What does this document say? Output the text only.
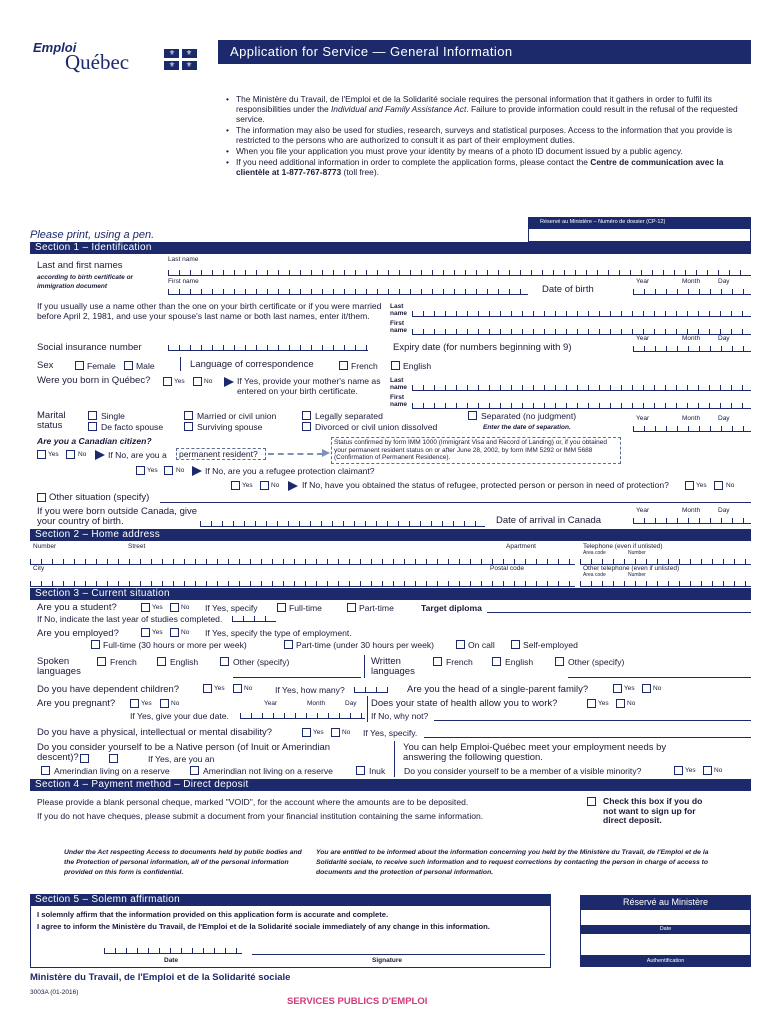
Emploi
Québec	⚜	⚜
⚜	⚜
Application for Service — General Information
• The Ministère du Travail, de l'Emploi et de la Solidarité sociale requires the personal information that it gathers in order to fulfil its responsibilities under the Individual and Family Assistance Act. Failure to provide information could result in the refusal of the requested service.
• The information may also be used for studies, research, surveys and statistical purposes. Access to the information that you provide is restricted to the persons who are authorized to consult it as part of their employment duties.
• When you file your application you must prove your identity by means of a photo ID document issued by a public agency.
• If you need additional information in order to complete the application forms, please contact the Centre de communication avec la clientèle at 1-877-767-8773 (toll free).
Réservé au Ministère – Numéro de dossier (CP-12)
Please print, using a pen.
Section 1 – Identification
Last and first names
according to birth certificate or immigration document
Last name
First name
Date of birth
Year	Month	Day
If you usually use a name other than the one on your birth certificate or if you were married before April 2, 1981, and use your spouse's last name or both last names, enter it/them.
Last
name
First
name
Social insurance number	Expiry date (for numbers beginning with 9)
Year	Month	Day
Sex	Female Male	Language of correspondence	French	English
Were you born in Québec?	Yes	No	If Yes, provide your mother's name as entered on your birth certificate.
Last
name
First
name
Marital status
Single
De facto spouse
Married or civil union
Surviving spouse
Legally separated
Divorced or civil union dissolved
Separated (no judgment)
Enter the date of separation.
Year	Month	Day
Are you a Canadian citizen?
Yes	No	If No, are you a permanent resident?
Status confirmed by form IMM 1000 (Immigrant Visa and Record of Landing) or, if you obtained your permanent resident status on or after June 28, 2002, by form IMM 5292 or IMM 5688 (Confirmation of Permanent Residence).
Yes	No If No, are you a refugee protection claimant?
Yes	No	If No, have you obtained the status of refugee, protected person or person in need of protection?	Yes	No
Other situation (specify)
If you were born outside Canada, give your country of birth.	Date of arrival in Canada
Year	Month	Day
Section 2 – Home address
Number	Street	Apartment	Telephone (even if unlisted)
Area code	Number
City	Postal code	Other telephone (even if unlisted)
Area code	Number
Section 3 – Current situation
Are you a student?	Yes	No If Yes, specify	Full-time	Part-time	Target diploma
If No, indicate the last year of studies completed.
Are you employed?	Yes	No If Yes, specify the type of employment.
Full-time (30 hours or more per week)	Part-time (under 30 hours per week)	On call	Self-employed
Spoken languages
French	English	Other (specify)	Written languages
French	English	Other (specify)
Do you have dependent children?	Yes	No	If Yes, how many?	Are you the head of a single-parent family?	Yes	No
Are you pregnant?	Yes	No	Year	Month	Day
If Yes, give your due date.
Does your state of health allow you to work?	Yes	No
If No, why not?
Do you have a physical, intellectual or mental disability?	Yes	No If Yes, specify.
Do you consider yourself to be a Native person (of Inuit or Amerindian descent)?	If Yes, are you an
Amerindian living on a reserve	Amerindian not living on a reserve	Inuk
You can help Emploi-Québec meet your employment needs by answering the following question.
Do you consider yourself to be a member of a visible minority?	Yes	No
Section 4 – Payment method – Direct deposit
Please provide a blank personal cheque, marked "VOID", for the account where the amounts are to be deposited.
If you do not have cheques, please submit a document from your financial institution containing the same information.
Check this box if you do not want to sign up for direct deposit.
Under the Act respecting Access to documents held by public bodies and the Protection of personal information, all of the personal information provided on this form is confidential.
You are entitled to be informed about the information concerning you held by the Ministère du Travail, de l'Emploi et de la Solidarité sociale, to receive such information and to request corrections by contacting the person in charge of access to documents and the protection of personal information.
Section 5 – Solemn affirmation
I solemnly affirm that the information provided on this application form is accurate and complete.
I agree to inform the Ministère du Travail, de l'Emploi et de la Solidarité sociale immediately of any change in this information.
Date	Signature
Réservé au Ministère
Date
Authentification
Ministère du Travail, de l'Emploi et de la Solidarité sociale
3003A (01-2016)
SERVICES PUBLICS D'EMPLOI
